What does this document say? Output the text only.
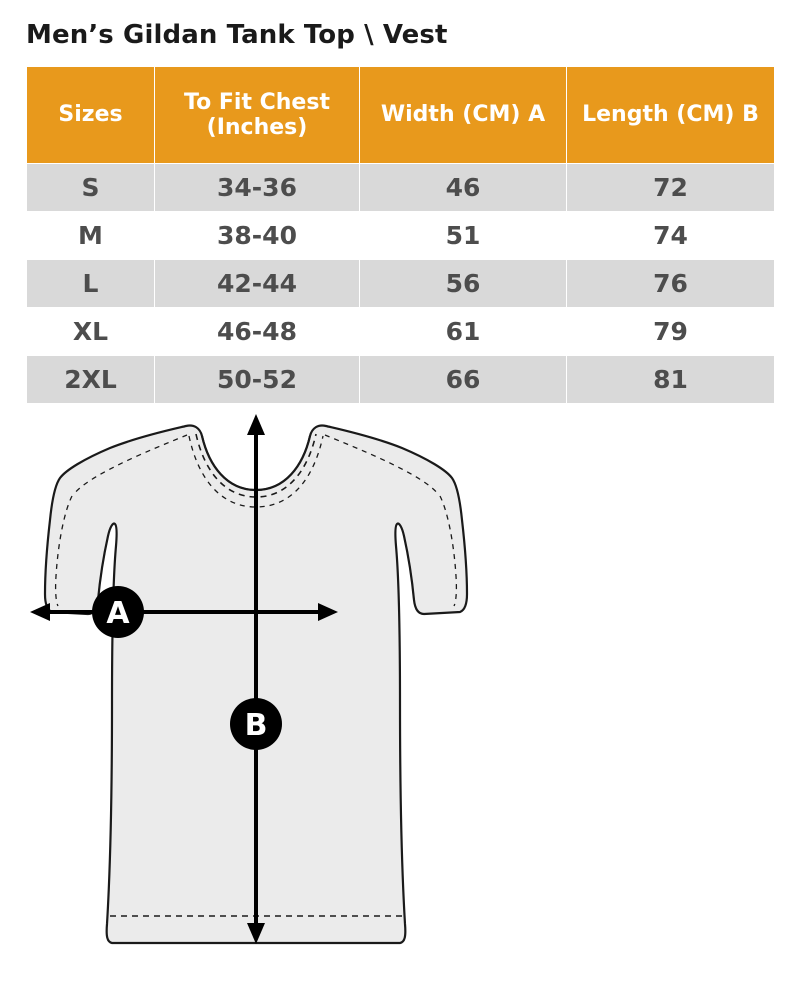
Men’s Gildan Tank Top \ Vest
Sizes	To Fit Chest (Inches)	Width (CM) A	Length (CM) B
S	34-36	46	72
M	38-40	51	74
L	42-44	56	76
XL	46-48	61	79
2XL	50-52	66	81
A
B
